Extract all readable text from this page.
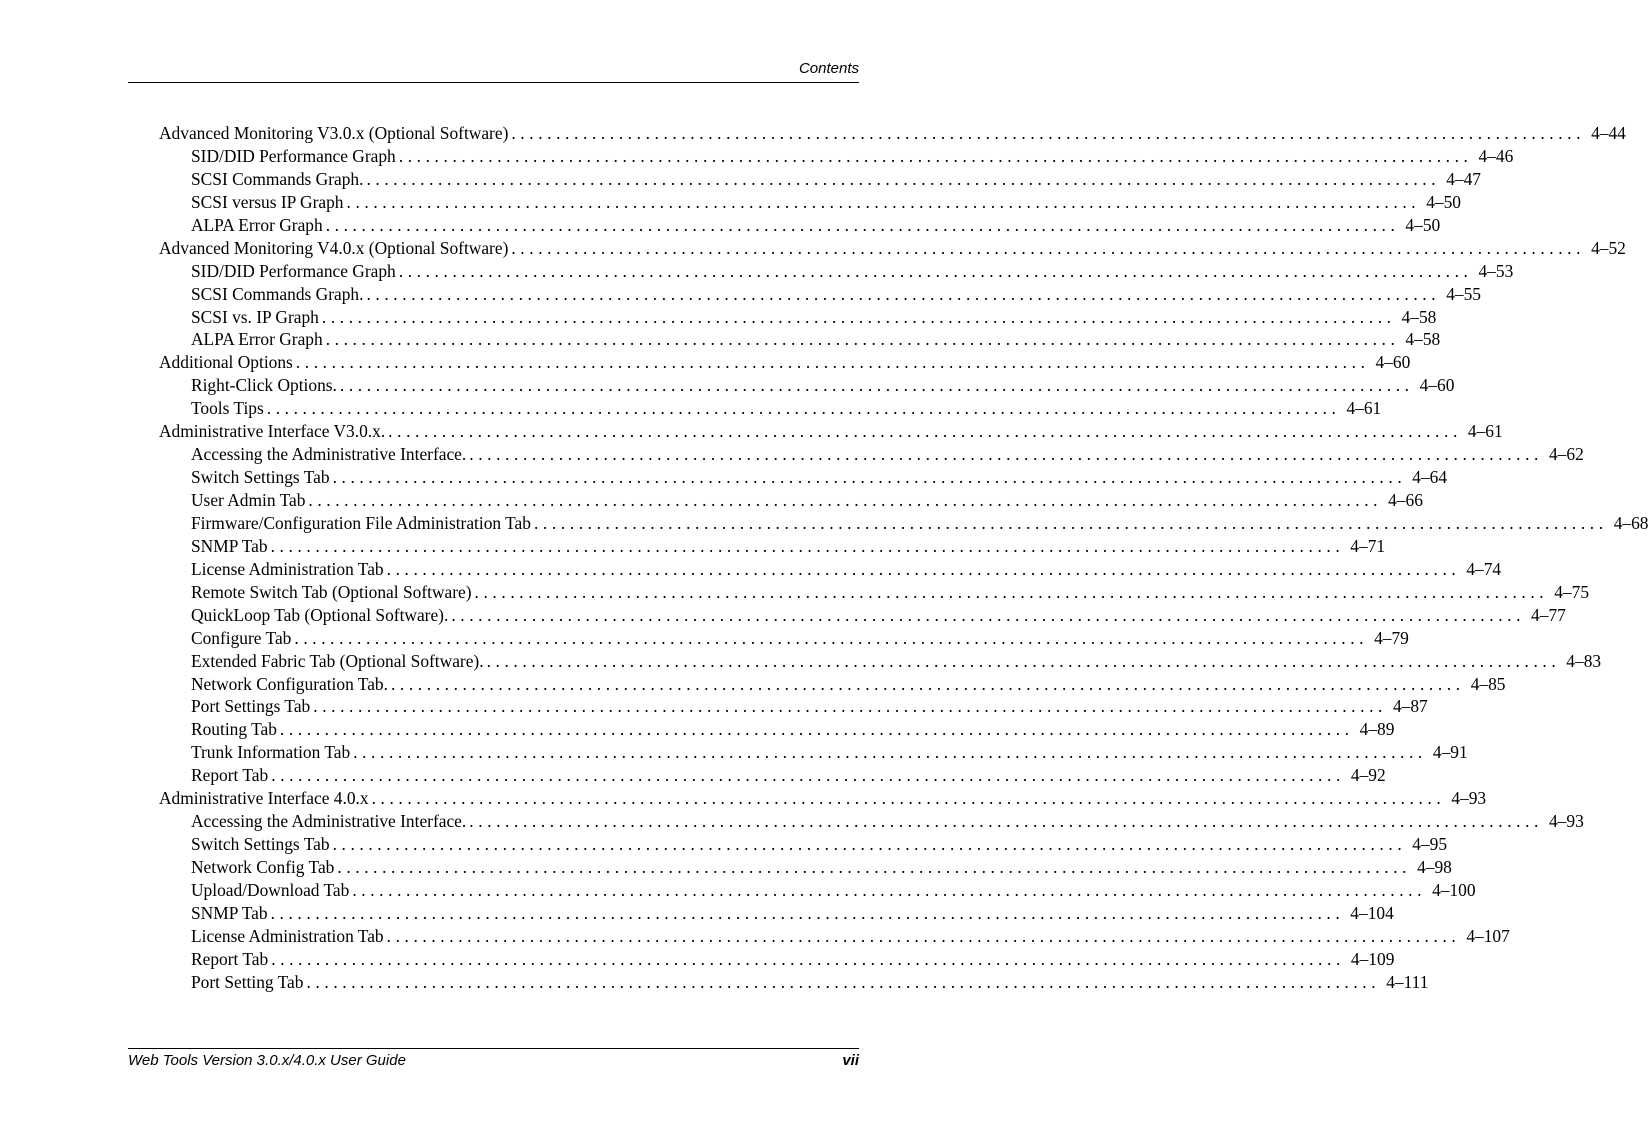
Contents
Advanced Monitoring V3.0.x (Optional Software) ........................................................................................................................ 4–44
SID/DID Performance Graph ........................................................................................................................ 4–46
SCSI Commands Graph. ........................................................................................................................ 4–47
SCSI versus IP Graph ........................................................................................................................ 4–50
ALPA Error Graph ........................................................................................................................ 4–50
Advanced Monitoring V4.0.x (Optional Software) ........................................................................................................................ 4–52
SID/DID Performance Graph ........................................................................................................................ 4–53
SCSI Commands Graph. ........................................................................................................................ 4–55
SCSI vs. IP Graph ........................................................................................................................ 4–58
ALPA Error Graph ........................................................................................................................ 4–58
Additional Options ........................................................................................................................ 4–60
Right-Click Options. ........................................................................................................................ 4–60
Tools Tips ........................................................................................................................ 4–61
Administrative Interface V3.0.x. ........................................................................................................................ 4–61
Accessing the Administrative Interface. ........................................................................................................................ 4–62
Switch Settings Tab ........................................................................................................................ 4–64
User Admin Tab ........................................................................................................................ 4–66
Firmware/Configuration File Administration Tab ........................................................................................................................ 4–68
SNMP Tab ........................................................................................................................ 4–71
License Administration Tab ........................................................................................................................ 4–74
Remote Switch Tab (Optional Software) ........................................................................................................................ 4–75
QuickLoop Tab (Optional Software). ........................................................................................................................ 4–77
Configure Tab ........................................................................................................................ 4–79
Extended Fabric Tab (Optional Software). ........................................................................................................................ 4–83
Network Configuration Tab. ........................................................................................................................ 4–85
Port Settings Tab ........................................................................................................................ 4–87
Routing Tab ........................................................................................................................ 4–89
Trunk Information Tab ........................................................................................................................ 4–91
Report Tab ........................................................................................................................ 4–92
Administrative Interface 4.0.x ........................................................................................................................ 4–93
Accessing the Administrative Interface. ........................................................................................................................ 4–93
Switch Settings Tab ........................................................................................................................ 4–95
Network Config Tab ........................................................................................................................ 4–98
Upload/Download Tab ........................................................................................................................ 4–100
SNMP Tab ........................................................................................................................ 4–104
License Administration Tab ........................................................................................................................ 4–107
Report Tab ........................................................................................................................ 4–109
Port Setting Tab ........................................................................................................................ 4–111
Web Tools Version 3.0.x/4.0.x User Guide	vii
